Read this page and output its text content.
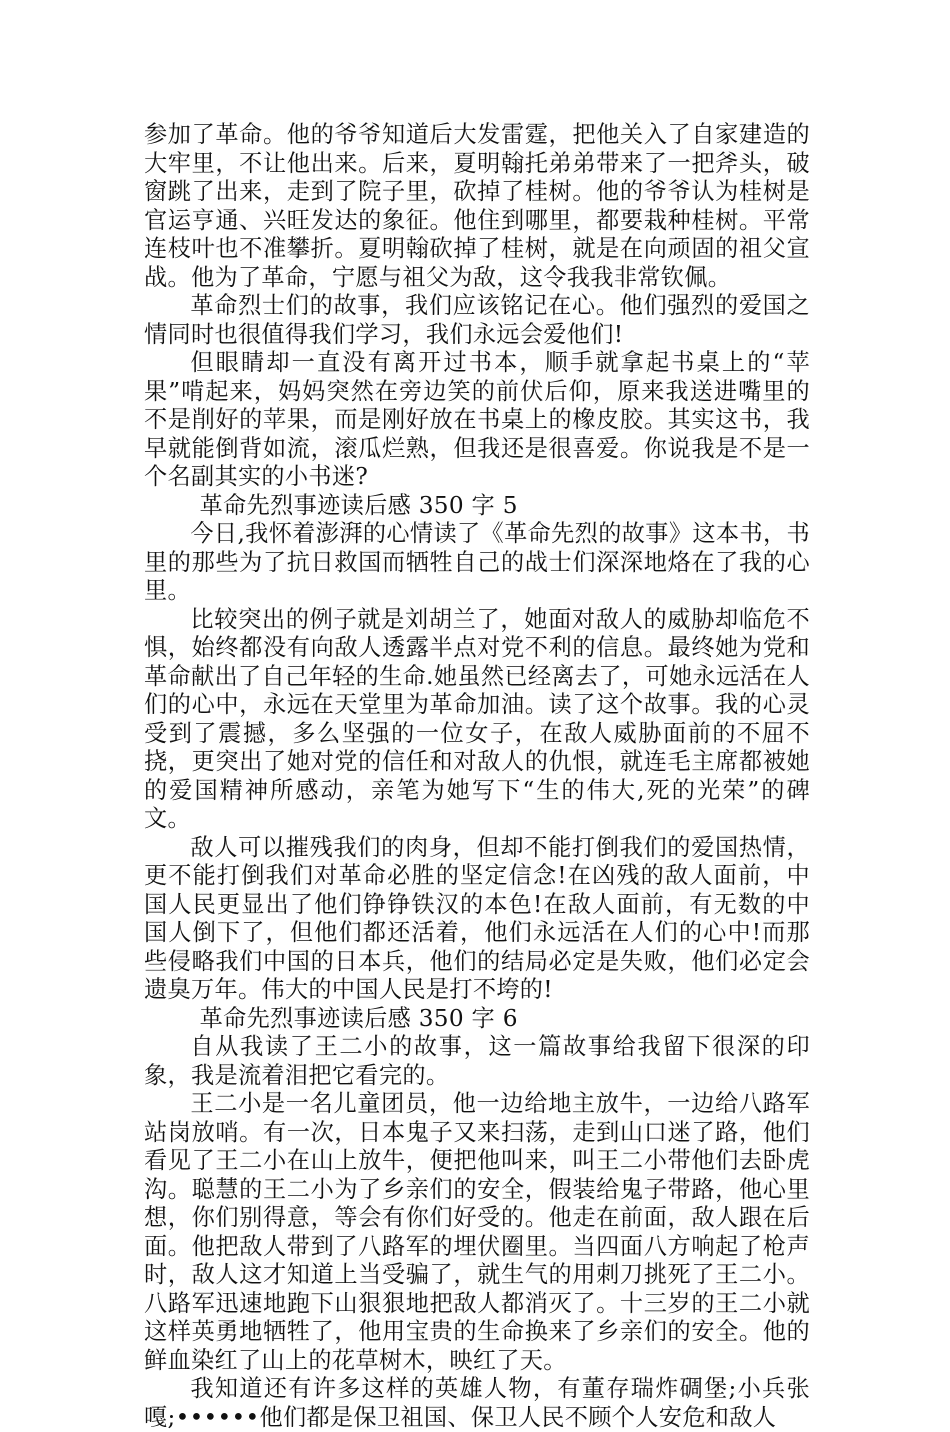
参加了革命。他的爷爷知道后大发雷霆，把他关入了自家建造的大牢里，不让他出来。后来，夏明翰托弟弟带来了一把斧头，破窗跳了出来，走到了院子里，砍掉了桂树。他的爷爷认为桂树是官运亨通、兴旺发达的象征。他住到哪里，都要栽种桂树。平常连枝叶也不准攀折。夏明翰砍掉了桂树，就是在向顽固的祖父宣战。他为了革命，宁愿与祖父为敌，这令我我非常钦佩。

革命烈士们的故事，我们应该铭记在心。他们强烈的爱国之情同时也很值得我们学习，我们永远会爱他们!

但眼睛却一直没有离开过书本，顺手就拿起书桌上的“苹果”啃起来，妈妈突然在旁边笑的前伏后仰，原来我送进嘴里的不是削好的苹果，而是刚好放在书桌上的橡皮胶。其实这书，我早就能倒背如流，滚瓜烂熟，但我还是很喜爱。你说我是不是一个名副其实的小书迷?

革命先烈事迹读后感 350 字 5

今日,我怀着澎湃的心情读了《革命先烈的故事》这本书，书里的那些为了抗日救国而牺牲自己的战士们深深地烙在了我的心里。

比较突出的例子就是刘胡兰了，她面对敌人的威胁却临危不惧，始终都没有向敌人透露半点对党不利的信息。最终她为党和革命献出了自己年轻的生命.她虽然已经离去了，可她永远活在人们的心中，永远在天堂里为革命加油。读了这个故事。我的心灵受到了震撼，多么坚强的一位女子，在敌人威胁面前的不屈不挠，更突出了她对党的信任和对敌人的仇恨，就连毛主席都被她的爱国精神所感动，亲笔为她写下“生的伟大,死的光荣”的碑文。

敌人可以摧残我们的肉身，但却不能打倒我们的爱国热情，更不能打倒我们对革命必胜的坚定信念!在凶残的敌人面前，中国人民更显出了他们铮铮铁汉的本色!在敌人面前，有无数的中国人倒下了，但他们都还活着，他们永远活在人们的心中!而那些侵略我们中国的日本兵，他们的结局必定是失败，他们必定会遗臭万年。伟大的中国人民是打不垮的!

革命先烈事迹读后感 350 字 6

自从我读了王二小的故事，这一篇故事给我留下很深的印象，我是流着泪把它看完的。

王二小是一名儿童团员，他一边给地主放牛，一边给八路军站岗放哨。有一次，日本鬼子又来扫荡，走到山口迷了路，他们看见了王二小在山上放牛，便把他叫来，叫王二小带他们去卧虎沟。聪慧的王二小为了乡亲们的安全，假装给鬼子带路，他心里想，你们别得意，等会有你们好受的。他走在前面，敌人跟在后面。他把敌人带到了八路军的埋伏圈里。当四面八方响起了枪声时，敌人这才知道上当受骗了，就生气的用刺刀挑死了王二小。八路军迅速地跑下山狠狠地把敌人都消灭了。十三岁的王二小就这样英勇地牺牲了，他用宝贵的生命换来了乡亲们的安全。他的鲜血染红了山上的花草树木，映红了天。

我知道还有许多这样的英雄人物，有董存瑞炸碉堡;小兵张嘎;••••••他们都是保卫祖国、保卫人民不顾个人安危和敌人
